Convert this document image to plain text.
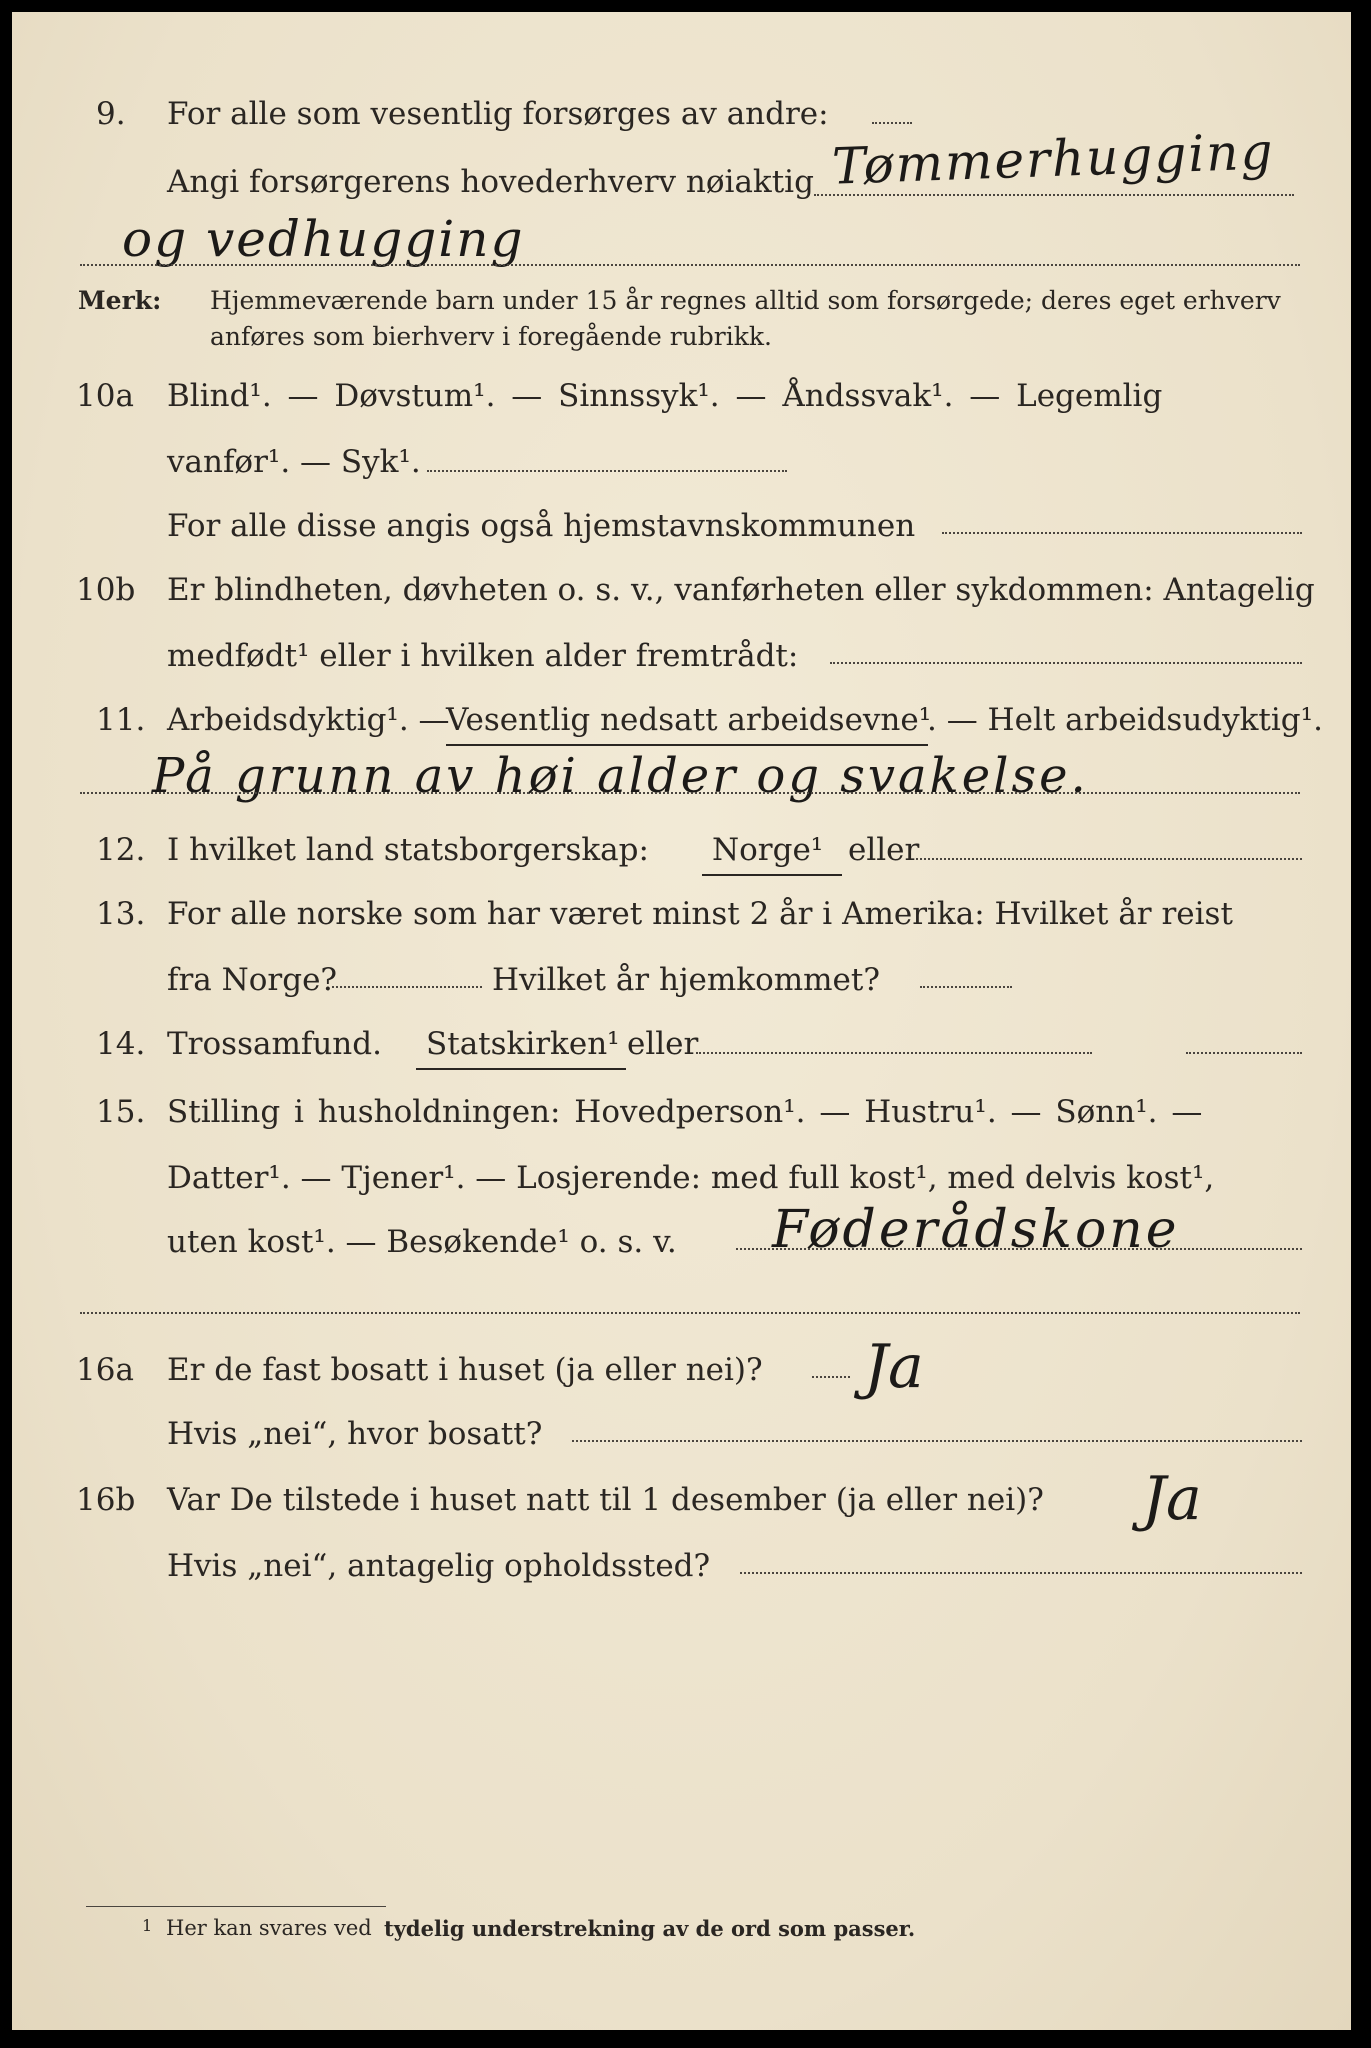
9. For alle som vesentlig forsørges av andre:
Angi forsørgerens hovederhverv nøiaktig Tømmerhugging
og vedhugging
Merk: Hjemmeværende barn under 15 år regnes alltid som forsørgede; deres eget erhverv
anføres som bierhverv i foregående rubrikk.
10a Blind¹. — Døvstum¹. — Sinnssyk¹. — Åndssvak¹. — Legemlig
vanfør¹. — Syk¹.
For alle disse angis også hjemstavnskommunen
10b Er blindheten, døvheten o. s. v., vanførheten eller sykdommen: Antagelig
medfødt¹ eller i hvilken alder fremtrådt:
11. Arbeidsdyktig¹. —
Vesentlig nedsatt arbeidsevne¹
. — Helt arbeidsudyktig¹.
På grunn av høi alder og svakelse.
12. I hvilket land statsborgerskap: Norge¹ eller
13. For alle norske som har været minst 2 år i Amerika: Hvilket år reist
fra Norge?	Hvilket år hjemkommet?
14. Trossamfund. Statskirken¹ eller
15. Stilling i husholdningen: Hovedperson¹. — Hustru¹. — Sønn¹. —
Datter¹. — Tjener¹. — Losjerende: med full kost¹, med delvis kost¹,
uten kost¹. — Besøkende¹ o. s. v. Føderådskone
16a Er de fast bosatt i huset (ja eller nei)? Ja
Hvis „nei“, hvor bosatt?
16b Var De tilstede i huset natt til 1 desember (ja eller nei)? Ja
Hvis „nei“, antagelig opholdssted?
1 Her kan svares ved tydelig understrekning av de ord som passer.
